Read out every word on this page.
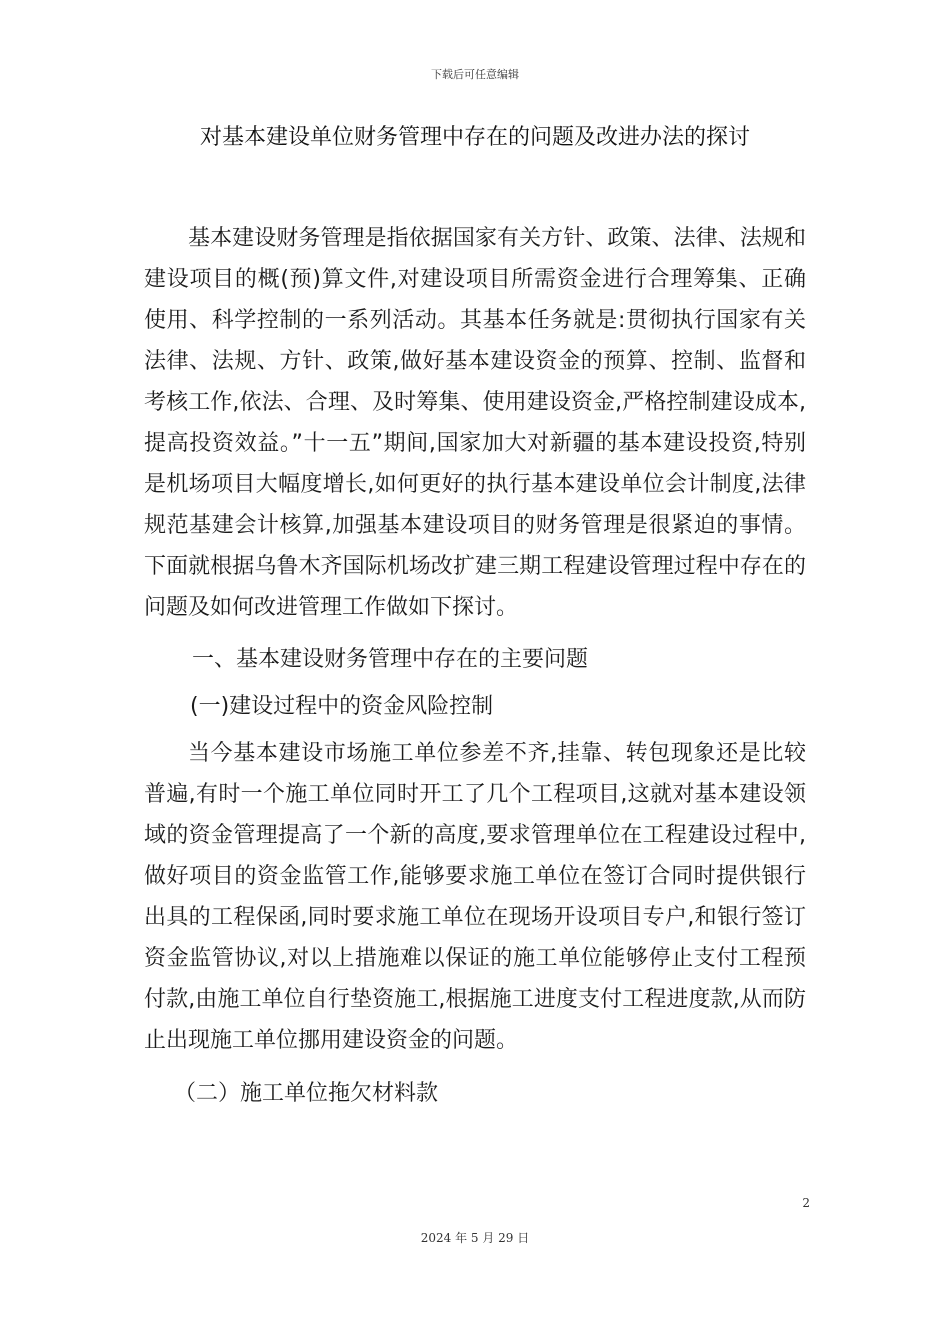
下载后可任意编辑
对基本建设单位财务管理中存在的问题及改进办法的探讨

基本建设财务管理是指依据国家有关方针、政策、法律、法规和建设项目的概(预)算文件,对建设项目所需资金进行合理筹集、正确使用、科学控制的一系列活动。其基本任务就是:贯彻执行国家有关法律、法规、方针、政策,做好基本建设资金的预算、控制、监督和考核工作,依法、合理、及时筹集、使用建设资金,严格控制建设成本,提高投资效益。”十一五”期间,国家加大对新疆的基本建设投资,特别是机场项目大幅度增长,如何更好的执行基本建设单位会计制度,法律规范基建会计核算,加强基本建设项目的财务管理是很紧迫的事情。下面就根据乌鲁木齐国际机场改扩建三期工程建设管理过程中存在的问题及如何改进管理工作做如下探讨。

一、基本建设财务管理中存在的主要问题
(一)建设过程中的资金风险控制

当今基本建设市场施工单位参差不齐,挂靠、转包现象还是比较普遍,有时一个施工单位同时开工了几个工程项目,这就对基本建设领域的资金管理提高了一个新的高度,要求管理单位在工程建设过程中,做好项目的资金监管工作,能够要求施工单位在签订合同时提供银行出具的工程保函,同时要求施工单位在现场开设项目专户,和银行签订资金监管协议,对以上措施难以保证的施工单位能够停止支付工程预付款,由施工单位自行垫资施工,根据施工进度支付工程进度款,从而防止出现施工单位挪用建设资金的问题。

（二）施工单位拖欠材料款
2
2024 年 5 月 29 日
